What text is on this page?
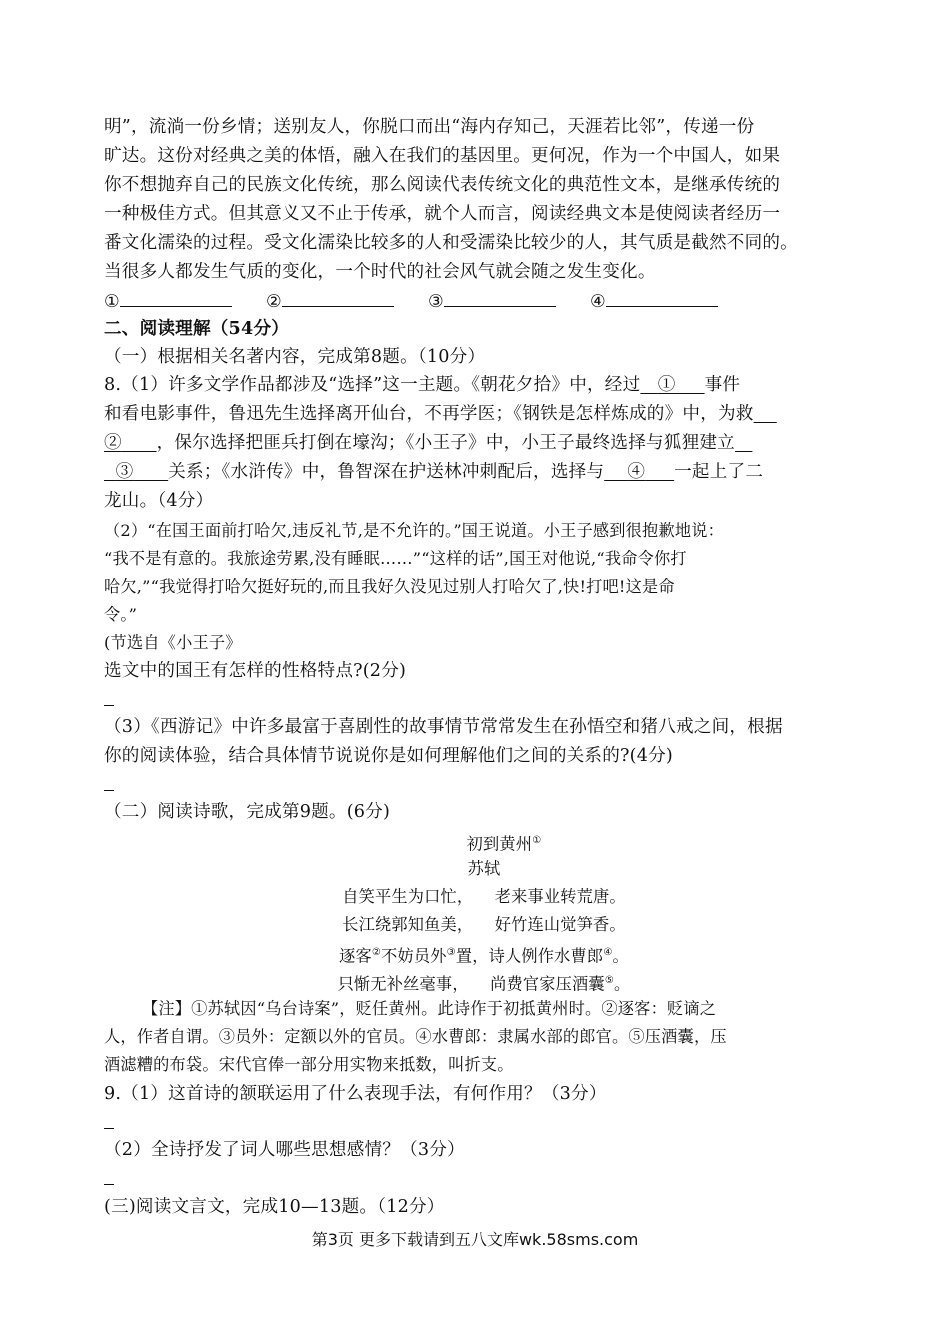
明”，流淌一份乡情；送别友人，你脱口而出“海内存知己，天涯若比邻”，传递一份
旷达。这份对经典之美的体悟，融入在我们的基因里。更何况，作为一个中国人，如果
你不想抛弃自己的民族文化传统，那么阅读代表传统文化的典范性文本，是继承传统的
一种极佳方式。但其意义又不止于传承，就个人而言，阅读经典文本是使阅读者经历一
番文化濡染的过程。受文化濡染比较多的人和受濡染比较少的人，其气质是截然不同的。
当很多人都发生气质的变化，一个时代的社会风气就会随之发生变化。
①	②	③	④
二、阅读理解（54分）
（一）根据相关名著内容，完成第8题。（10分）
8.（1）许多文学作品都涉及“选择”这一主题。《朝花夕拾》中，经过 ① 事件
和看电影事件，鲁迅先生选择离开仙台，不再学医；《钢铁是怎样炼成的》中，为救
② ，保尔选择把匪兵打倒在壕沟；《小王子》中，小王子最终选择与狐狸建立
③ 关系；《水浒传》中，鲁智深在护送林冲刺配后，选择与 ④ 一起上了二
龙山。（4分）
（2）“在国王面前打哈欠,违反礼节,是不允许的。”国王说道。小王子感到很抱歉地说：
“我不是有意的。我旅途劳累,没有睡眠……”“这样的话”,国王对他说,“我命令你打
哈欠,”“我觉得打哈欠挺好玩的,而且我好久没见过别人打哈欠了,快!打吧!这是命
令。”
(节选自《小王子》
选文中的国王有怎样的性格特点?(2分)
（3）《西游记》中许多最富于喜剧性的故事情节常常发生在孙悟空和猪八戒之间，根据
你的阅读体验，结合具体情节说说你是如何理解他们之间的关系的?(4分)
（二）阅读诗歌，完成第9题。(6分)
初到黄州①
苏轼
自笑平生为口忙， 老来事业转荒唐。
长江绕郭知鱼美， 好竹连山觉笋香。
逐客②不妨员外③置，诗人例作水曹郎④。
只惭无补丝毫事， 尚费官家压酒囊⑤。
【注】①苏轼因“乌台诗案”，贬任黄州。此诗作于初抵黄州时。②逐客：贬谪之
人，作者自谓。③员外：定额以外的官员。④水曹郎：隶属水部的郎官。⑤压酒囊，压
酒滤糟的布袋。宋代官俸一部分用实物来抵数，叫折支。
9.（1）这首诗的颔联运用了什么表现手法，有何作用？（3分）
（2）全诗抒发了词人哪些思想感情？（3分）
(三)阅读文言文，完成10—13题。（12分）
第3页 更多下载请到五八文库wk.58sms.com
